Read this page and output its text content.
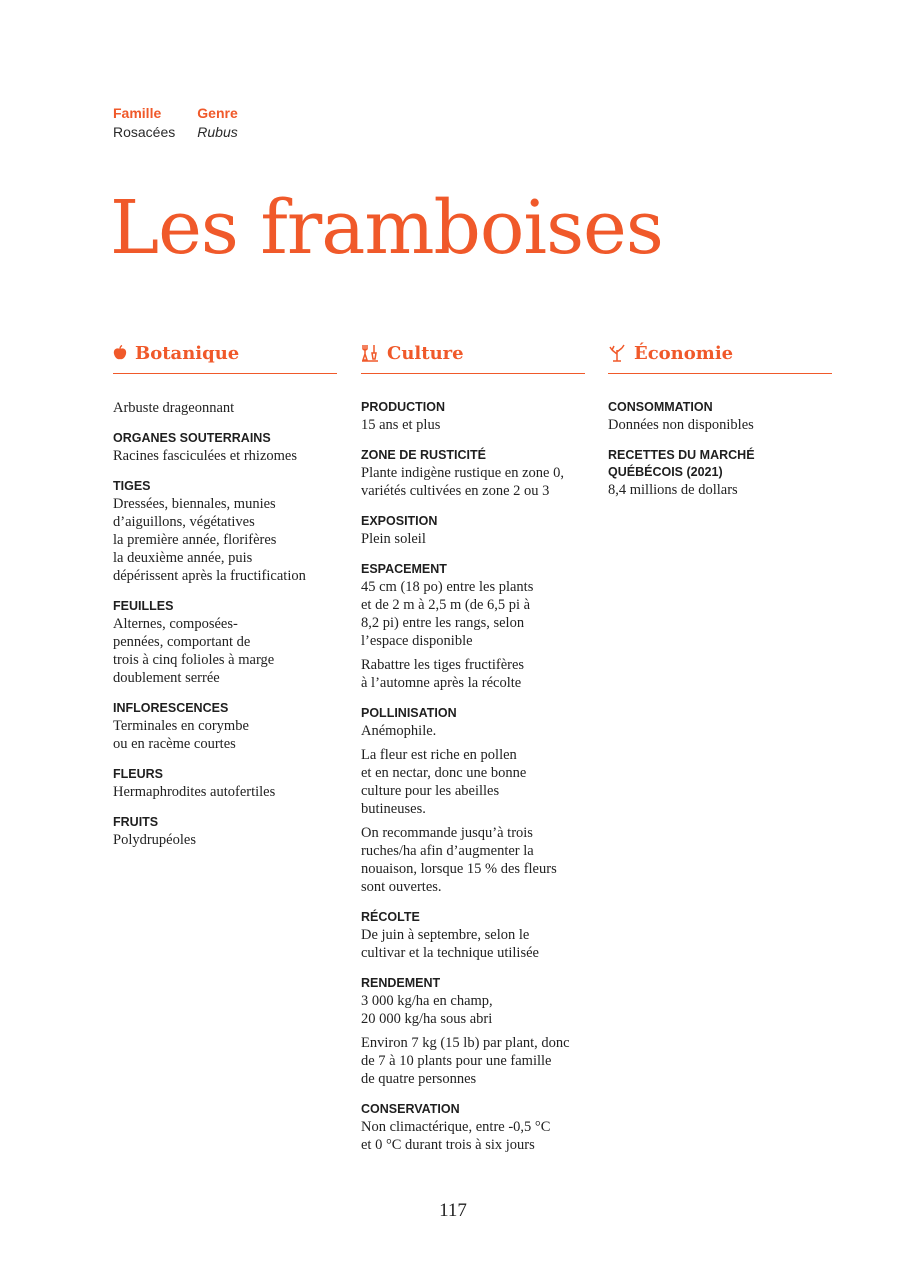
Famille
Rosacées
Genre
Rubus
Les framboises
Botanique
Arbuste drageonnant
ORGANES SOUTERRAINS
Racines fasciculées et rhizomes
TIGES
Dressées, biennales, munies
d’aiguillons, végétatives
la première année, florifères
la deuxième année, puis
dépérissent après la fructification
FEUILLES
Alternes, composées-
pennées, comportant de
trois à cinq folioles à marge
doublement serrée
INFLORESCENCES
Terminales en corymbe
ou en racème courtes
FLEURS
Hermaphrodites autofertiles
FRUITS
Polydrupéoles
Culture
PRODUCTION
15 ans et plus
ZONE DE RUSTICITÉ
Plante indigène rustique en zone 0,
variétés cultivées en zone 2 ou 3
EXPOSITION
Plein soleil
ESPACEMENT
45 cm (18 po) entre les plants
et de 2 m à 2,5 m (de 6,5 pi à
8,2 pi) entre les rangs, selon
l’espace disponible
Rabattre les tiges fructifères
à l’automne après la récolte
POLLINISATION
Anémophile.
La fleur est riche en pollen
et en nectar, donc une bonne
culture pour les abeilles
butineuses.
On recommande jusqu’à trois
ruches/ha afin d’augmenter la
nouaison, lorsque 15 % des fleurs
sont ouvertes.
RÉCOLTE
De juin à septembre, selon le
cultivar et la technique utilisée
RENDEMENT
3 000 kg/ha en champ,
20 000 kg/ha sous abri
Environ 7 kg (15 lb) par plant, donc
de 7 à 10 plants pour une famille
de quatre personnes
CONSERVATION
Non climactérique, entre -0,5 °C
et 0 °C durant trois à six jours
Économie
CONSOMMATION
Données non disponibles
RECETTES DU MARCHÉ
QUÉBÉCOIS (2021)
8,4 millions de dollars
117
